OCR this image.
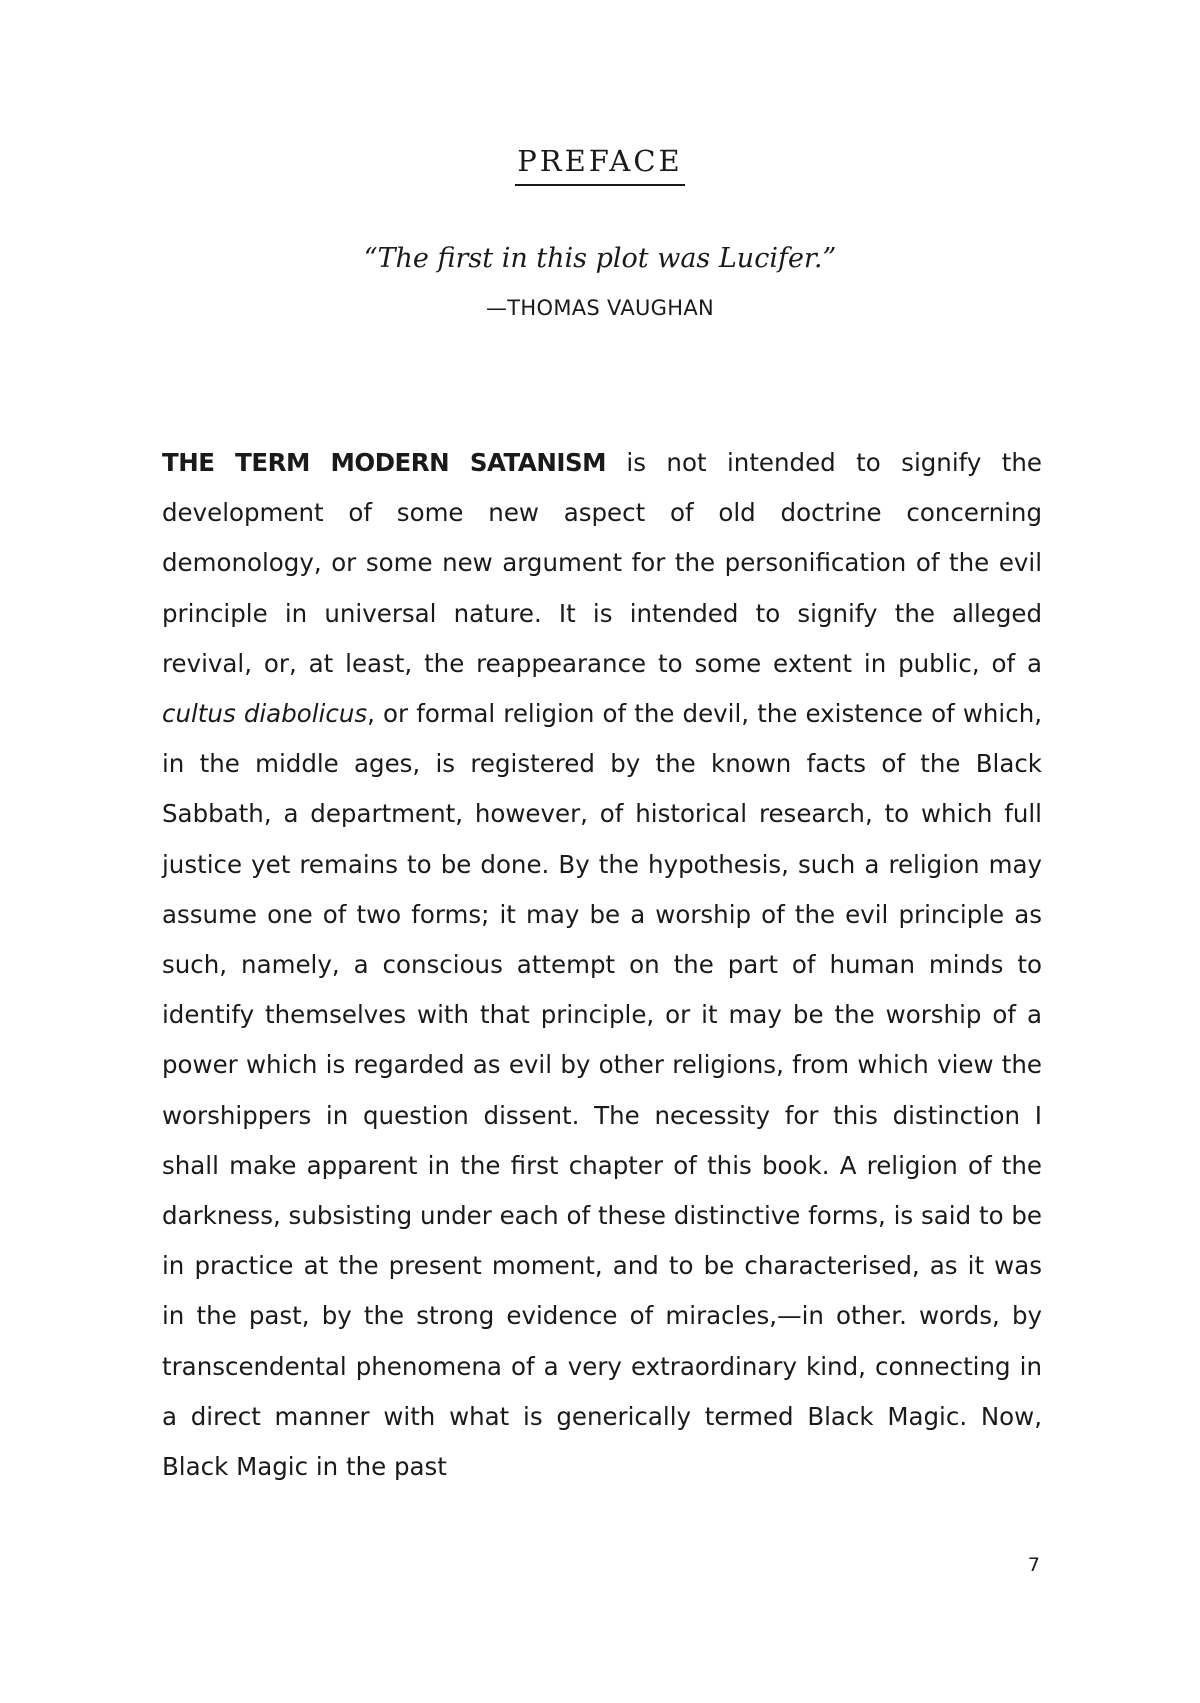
PREFACE

“The first in this plot was Lucifer.”

—THOMAS VAUGHAN

THE TERM MODERN SATANISM is not intended to signify the development of some new aspect of old doctrine concerning demonology, or some new argument for the personification of the evil principle in universal nature. It is intended to signify the alleged revival, or, at least, the reappearance to some extent in public, of a cultus diabolicus, or formal religion of the devil, the existence of which, in the middle ages, is registered by the known facts of the Black Sabbath, a department, however, of historical research, to which full justice yet remains to be done. By the hypothesis, such a religion may assume one of two forms; it may be a worship of the evil principle as such, namely, a conscious attempt on the part of human minds to identify themselves with that principle, or it may be the worship of a power which is regarded as evil by other religions, from which view the worshippers in question dissent. The necessity for this distinction I shall make apparent in the first chapter of this book. A religion of the darkness, subsisting under each of these distinctive forms, is said to be in practice at the present moment, and to be characterised, as it was in the past, by the strong evidence of miracles,—in other. words, by transcendental phenomena of a very extraordinary kind, connecting in a direct manner with what is generically termed Black Magic. Now, Black Magic in the past

7
